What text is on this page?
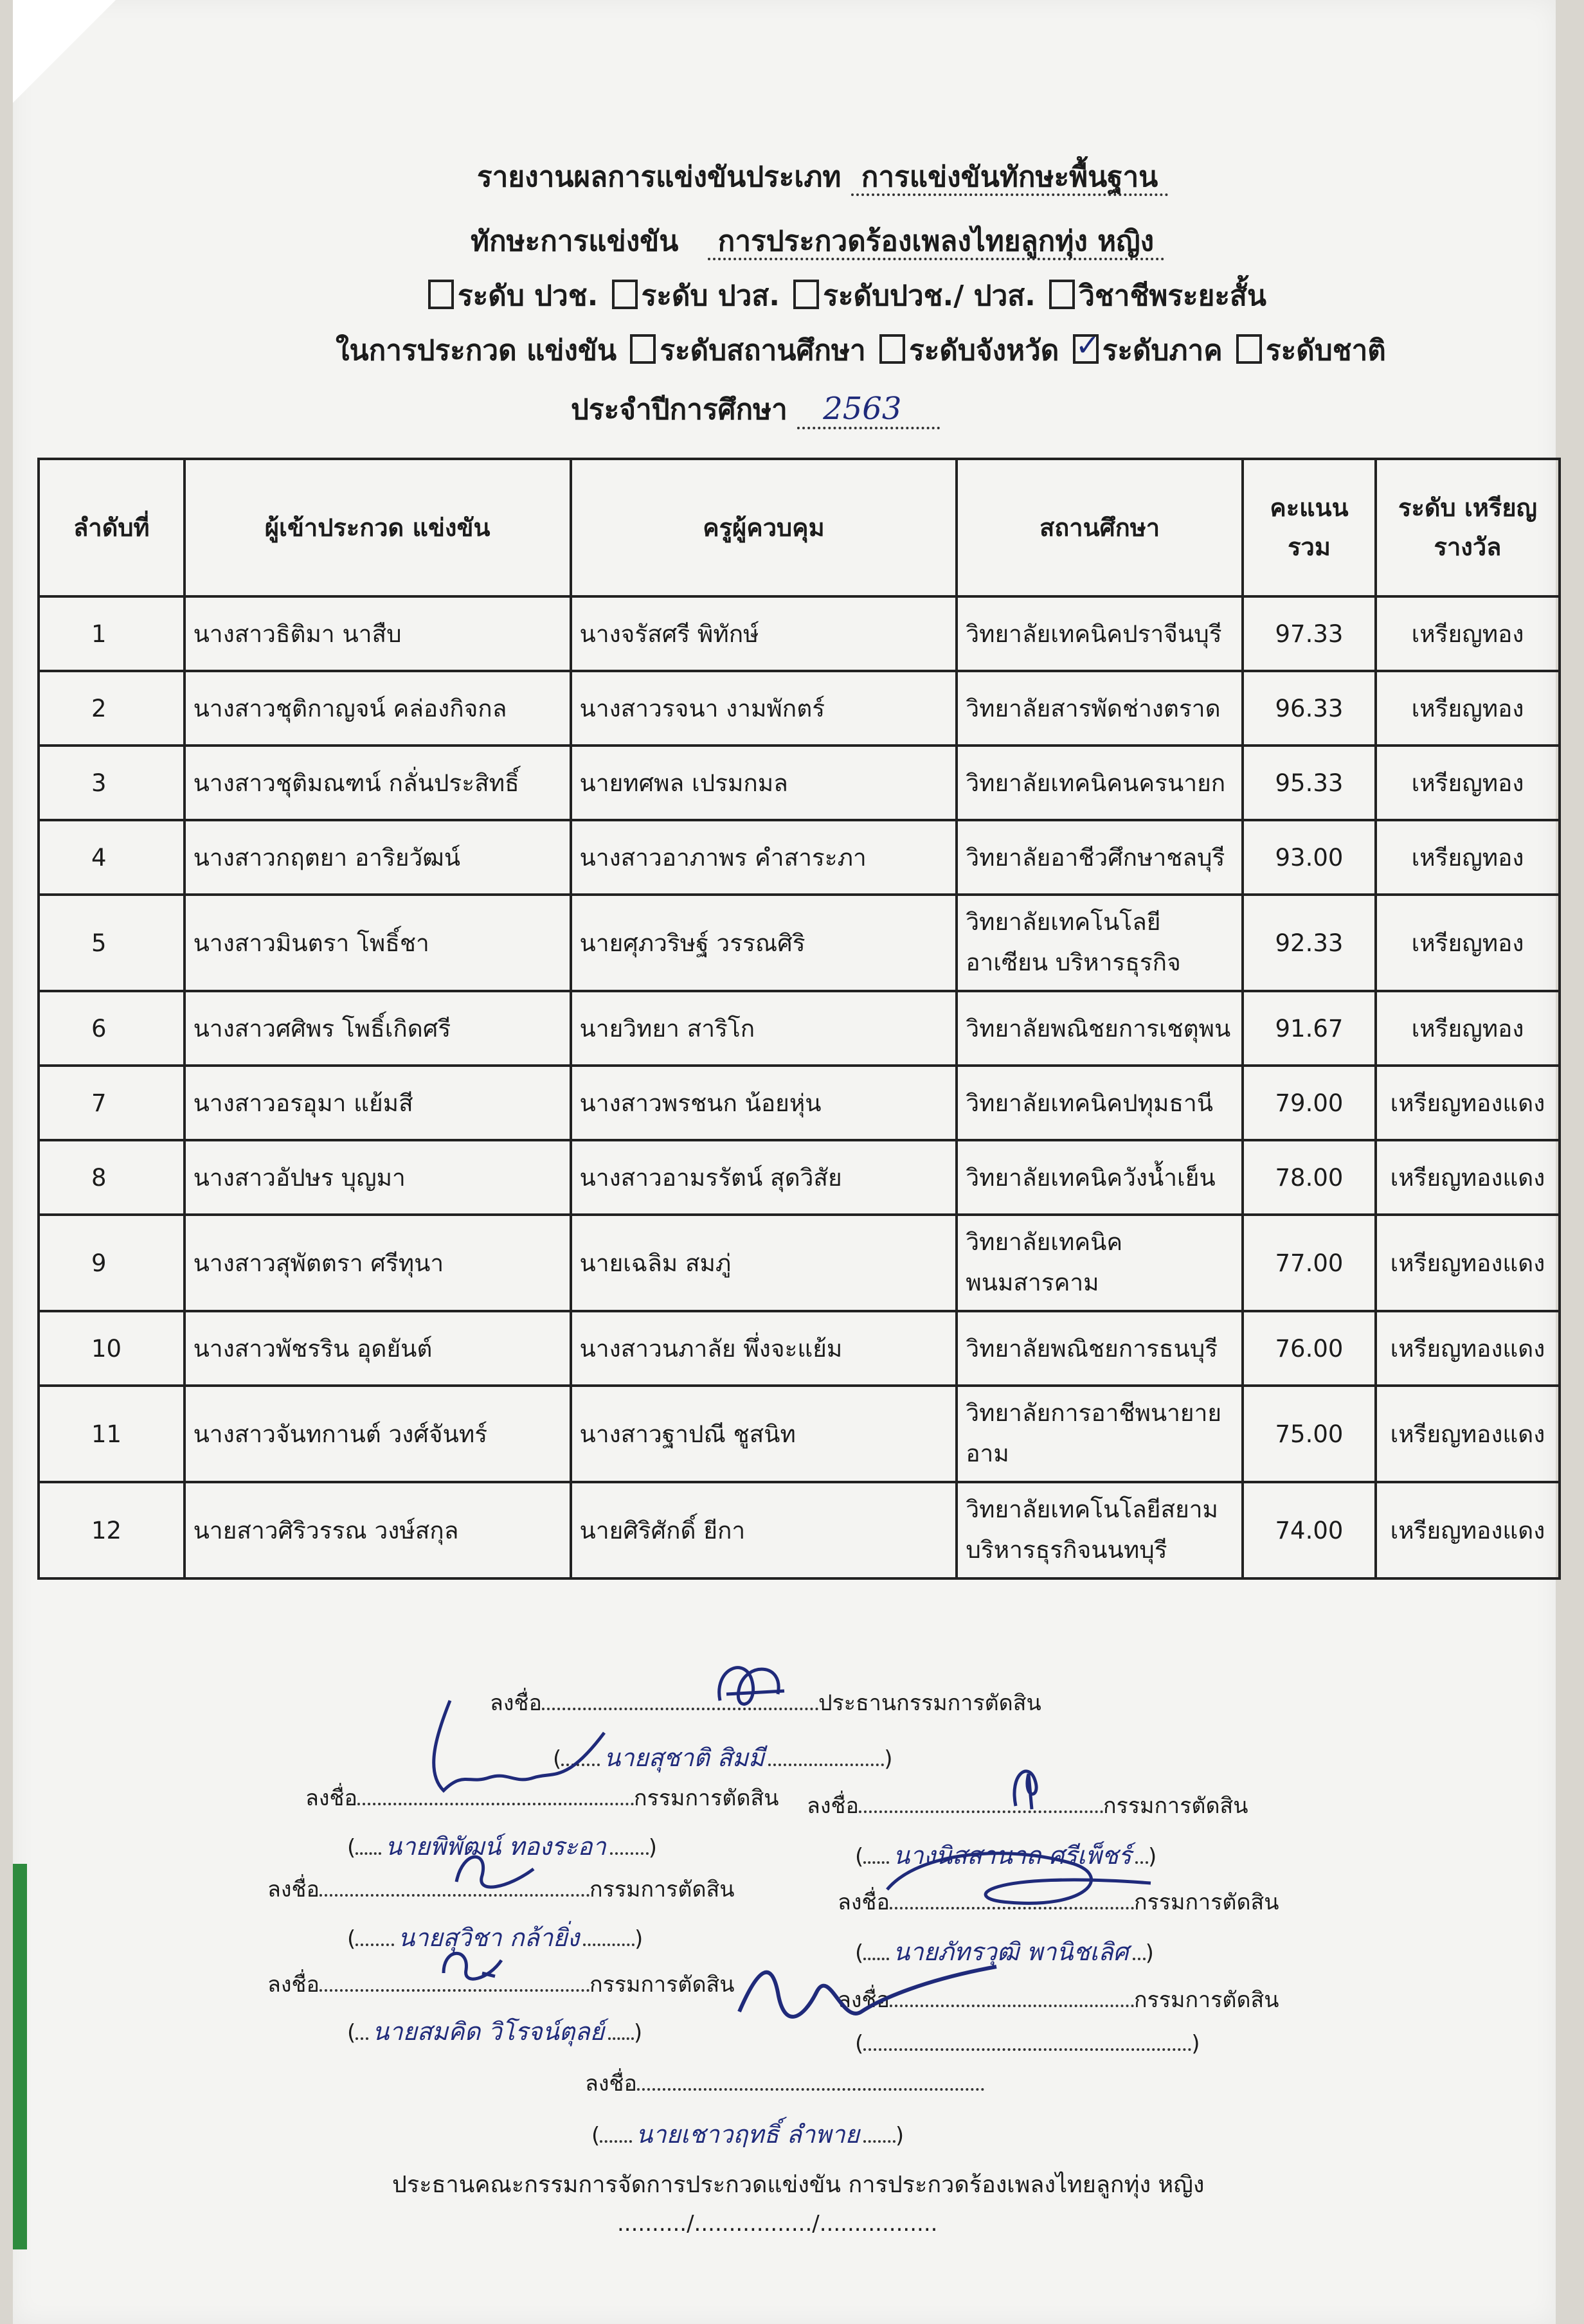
รายงานผลการแข่งขันประเภท การแข่งขันทักษะพื้นฐาน
ทักษะการแข่งขัน การประกวดร้องเพลงไทยลูกทุ่ง หญิง
ระดับ ปวช. ระดับ ปวส. ระดับปวช./ ปวส. วิชาชีพระยะสั้น
ในการประกวด แข่งขัน ระดับสถานศึกษา ระดับจังหวัด ✓ ระดับภาค ระดับชาติ
ประจำปีการศึกษา 2563
ลำดับที่	ผู้เข้าประกวด แข่งขัน	ครูผู้ควบคุม	สถานศึกษา	คะแนน รวม	ระดับ เหรียญรางวัล
1	นางสาวธิติมา นาสืบ	นางจรัสศรี พิทักษ์	วิทยาลัยเทคนิคปราจีนบุรี	97.33	เหรียญทอง
2	นางสาวชุติกาญจน์ คล่องกิจกล	นางสาวรจนา งามพักตร์	วิทยาลัยสารพัดช่างตราด	96.33	เหรียญทอง
3	นางสาวชุติมณฑน์ กลั่นประสิทธิ์	นายทศพล เปรมกมล	วิทยาลัยเทคนิคนครนายก	95.33	เหรียญทอง
4	นางสาวกฤตยา อาริยวัฒน์	นางสาวอาภาพร คำสาระภา	วิทยาลัยอาชีวศึกษาชลบุรี	93.00	เหรียญทอง
5	นางสาวมินตรา โพธิ์ชา	นายศุภวริษฐ์ วรรณศิริ	วิทยาลัยเทคโนโลยีอาเซียน บริหารธุรกิจ	92.33	เหรียญทอง
6	นางสาวศศิพร โพธิ์เกิดศรี	นายวิทยา สาริโก	วิทยาลัยพณิชยการเชตุพน	91.67	เหรียญทอง
7	นางสาวอรอุมา แย้มสี	นางสาวพรชนก น้อยหุ่น	วิทยาลัยเทคนิคปทุมธานี	79.00	เหรียญทองแดง
8	นางสาวอัปษร บุญมา	นางสาวอามรรัตน์ สุดวิสัย	วิทยาลัยเทคนิควังน้ำเย็น	78.00	เหรียญทองแดง
9	นางสาวสุพัตตรา ศรีทุนา	นายเฉลิม สมภู่	วิทยาลัยเทคนิค พนมสารคาม	77.00	เหรียญทองแดง
10	นางสาวพัชรริน อุดยันต์	นางสาวนภาลัย พึ่งจะแย้ม	วิทยาลัยพณิชยการธนบุรี	76.00	เหรียญทองแดง
11	นางสาวจันทกานต์ วงศ์จันทร์	นางสาวฐาปณี ชูสนิท	วิทยาลัยการอาชีพนายาย อาม	75.00	เหรียญทองแดง
12	นายสาวศิริวรรณ วงษ์สกุล	นายศิริศักดิ์ ยีกา	วิทยาลัยเทคโนโลยีสยาม บริหารธุรกิจนนทบุรี	74.00	เหรียญทองแดง
ลงชื่อ	ประธานกรรมการตัดสิน
( นายสุชาติ สิมมี	)
ลงชื่อ	กรรมการตัดสิน ลงชื่อ	กรรมการตัดสิน
( นายพิพัฒน์ ทองระอา )	( นางนิสสานาถ ศรีเพ็ชร์ )
ลงชื่อ	กรรมการตัดสิน	ลงชื่อ	กรรมการตัดสิน
( นายสุวิชา กล้ายิ่ง	)
( นายภัทรวุฒิ พานิชเลิศ )
ลงชื่อ	กรรมการตัดสิน
ลงชื่อ	กรรมการตัดสิน
( นายสมคิด วิโรจน์ตุลย์ )	(	)
ลงชื่อ
( นายเชาวฤทธิ์ ลำพาย )
ประธานคณะกรรมการจัดการประกวดแข่งขัน การประกวดร้องเพลงไทยลูกทุ่ง หญิง
........../................./.................
